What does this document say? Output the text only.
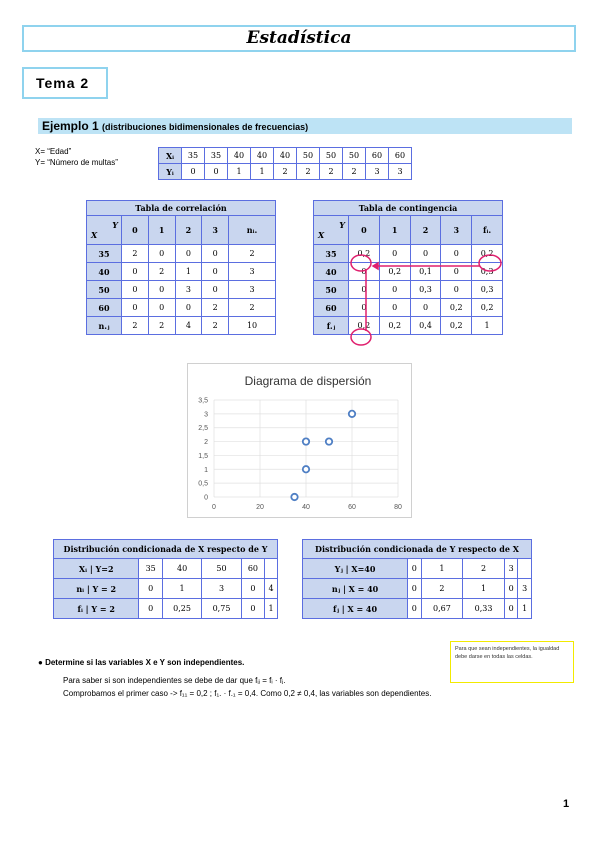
Estadística
Tema 2
Ejemplo 1 (distribuciones bidimensionales de frecuencias)
X= “Edad”
Y= “Número de multas”
Xᵢ	35	35	40	40	40	50	50	50	60	60
Yᵢ	0	0	1	1	2	2	2	2	3	3
Tabla de correlación
Y
X	0	1	2	3	nᵢ.
35	2	0	0	0	2
40	0	2	1	0	3
50	0	0	3	0	3
60	0	0	0	2	2
n.ⱼ	2	2	4	2	10
Tabla de contingencia
Y
X	0	1	2	3	fᵢ.
35	0,2	0	0	0	0,2
40	0	0,2	0,1	0	0,3
50	0	0	0,3	0	0,3
60	0	0	0	0,2	0,2
f.ⱼ	0,2	0,2	0,4	0,2	1
Diagrama de dispersión
0
0,5
1
1,5
2
2,5
3
3,5
0	20	40	60	80
Distribución condicionada de X respecto de Y					
Xᵢ | Y=2	35	40	50	60	
nᵢ | Y = 2	0	1	3	0	4
fᵢ | Y = 2	0	0,25	0,75	0	1
Distribución condicionada de Y respecto de X					
Yⱼ | X=40	0	1	2	3	
nⱼ | X = 40	0	2	1	0	3
fⱼ | X = 40	0	0,67	0,33	0	1
Para que sean independientes, la igualdad debe darse en todas las celdas.
● Determine si las variables X e Y son independientes.
Para saber si son independientes se debe de dar que fᵢⱼ = fᵢ · fⱼ.
Comprobamos el primer caso -> f₁₁ = 0,2 ; f₁. · f.₁ = 0,4. Como 0,2 ≠ 0,4, las variables son dependientes.
1
